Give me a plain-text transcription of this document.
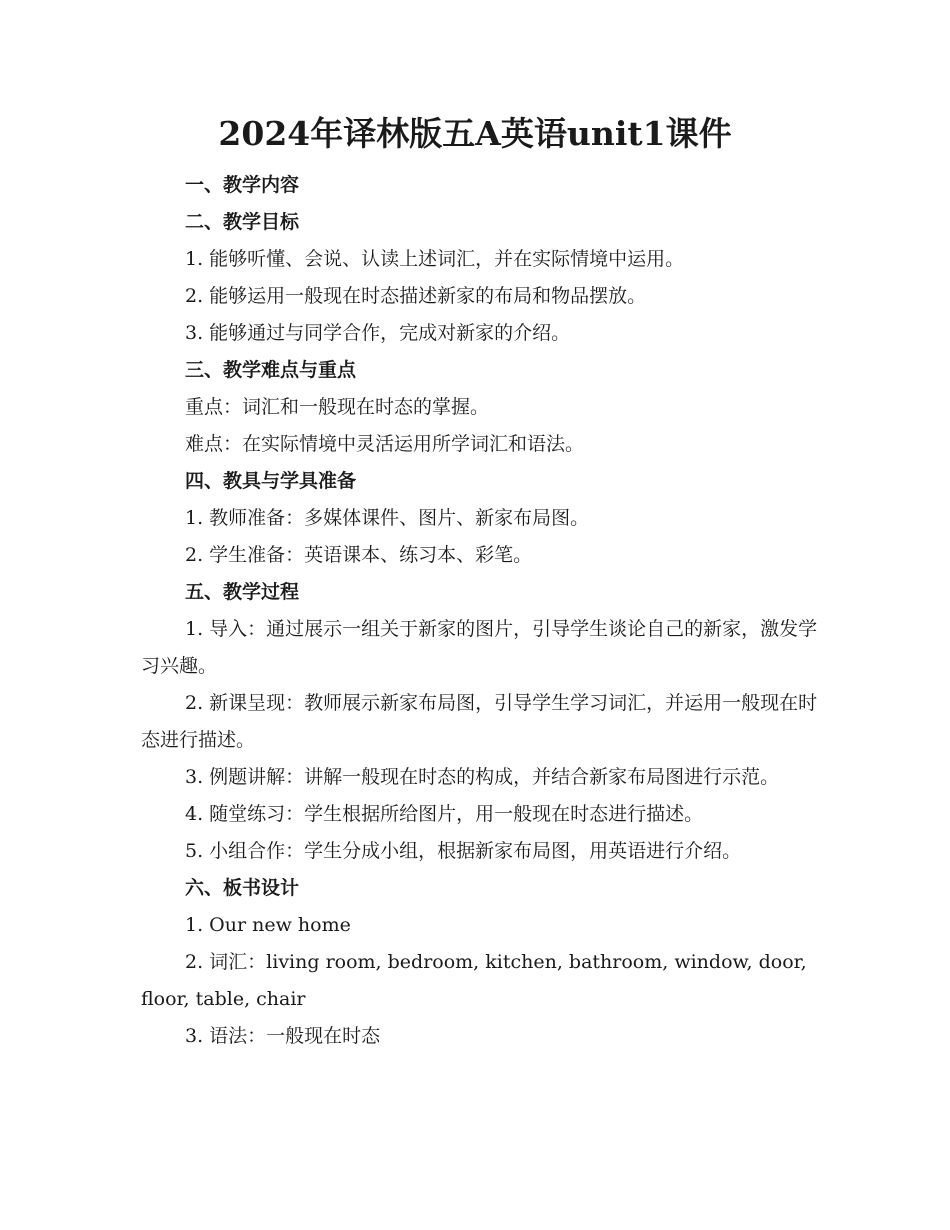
2024年译林版五A英语unit1课件

一、教学内容

二、教学目标

1. 能够听懂、会说、认读上述词汇，并在实际情境中运用。

2. 能够运用一般现在时态描述新家的布局和物品摆放。

3. 能够通过与同学合作，完成对新家的介绍。

三、教学难点与重点

重点：词汇和一般现在时态的掌握。

难点：在实际情境中灵活运用所学词汇和语法。

四、教具与学具准备

1. 教师准备：多媒体课件、图片、新家布局图。

2. 学生准备：英语课本、练习本、彩笔。

五、教学过程

1. 导入：通过展示一组关于新家的图片，引导学生谈论自己的新家，激发学习兴趣。

2. 新课呈现：教师展示新家布局图，引导学生学习词汇，并运用一般现在时态进行描述。

3. 例题讲解：讲解一般现在时态的构成，并结合新家布局图进行示范。

4. 随堂练习：学生根据所给图片，用一般现在时态进行描述。

5. 小组合作：学生分成小组，根据新家布局图，用英语进行介绍。

六、板书设计

1. Our new home

2. 词汇：living room, bedroom, kitchen, bathroom, window, door, floor, table, chair

3. 语法：一般现在时态
